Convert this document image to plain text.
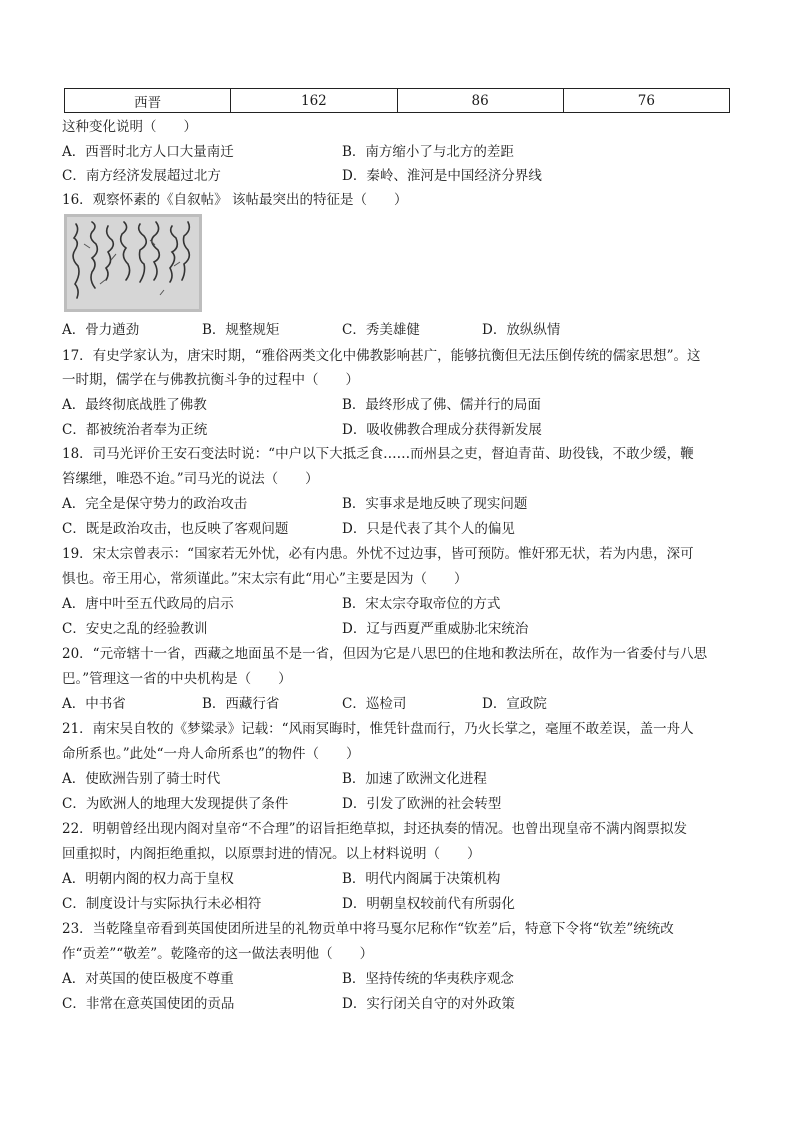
西晋	162	86	76
这种变化说明（　　）
A．西晋时北方人口大量南迁	B．南方缩小了与北方的差距
C．南方经济发展超过北方	D．秦岭、淮河是中国经济分界线
16．观察怀素的《自叙帖》 该帖最突出的特征是（　　）
A．骨力遒劲	B．规整规矩	C．秀美雄健	D．放纵纵情
17．有史学家认为，唐宋时期，“雅俗两类文化中佛教影响甚广，能够抗衡但无法压倒传统的儒家思想”。这
一时期，儒学在与佛教抗衡斗争的过程中（　　）
A．最终彻底战胜了佛教	B．最终形成了佛、儒并行的局面
C．都被统治者奉为正统	D．吸收佛教合理成分获得新发展
18．司马光评价王安石变法时说：“中户以下大抵乏食……而州县之吏，督迫青苗、助役钱，不敢少缓，鞭
笞缧绁，唯恐不迨。”司马光的说法（　　）
A．完全是保守势力的政治攻击	B．实事求是地反映了现实问题
C．既是政治攻击，也反映了客观问题	D．只是代表了其个人的偏见
19．宋太宗曾表示：“国家若无外忧，必有内患。外忧不过边事，皆可预防。惟奸邪无状，若为内患，深可
惧也。帝王用心，常须谨此。”宋太宗有此“用心”主要是因为（　　）
A．唐中叶至五代政局的启示	B．宋太宗夺取帝位的方式
C．安史之乱的经验教训	D．辽与西夏严重威胁北宋统治
20．“元帝辖十一省，西藏之地面虽不是一省，但因为它是八思巴的住地和教法所在，故作为一省委付与八思
巴。”管理这一省的中央机构是（　　）
A．中书省	B．西藏行省	C．巡检司	D．宣政院
21．南宋吴自牧的《梦粱录》记载：“风雨冥晦时，惟凭针盘而行，乃火长掌之，毫厘不敢差误，盖一舟人
命所系也。”此处“一舟人命所系也”的物件（　　）
A．使欧洲告别了骑士时代	B．加速了欧洲文化进程
C．为欧洲人的地理大发现提供了条件	D．引发了欧洲的社会转型
22．明朝曾经出现内阁对皇帝“不合理”的诏旨拒绝草拟，封还执奏的情况。也曾出现皇帝不满内阁票拟发
回重拟时，内阁拒绝重拟，以原票封进的情况。以上材料说明（　　）
A．明朝内阁的权力高于皇权	B．明代内阁属于决策机构
C．制度设计与实际执行未必相符	D．明朝皇权较前代有所弱化
23．当乾隆皇帝看到英国使团所进呈的礼物贡单中将马戛尔尼称作“钦差”后，特意下令将“钦差”统统改
作“贡差”“敬差”。乾隆帝的这一做法表明他（　　）
A．对英国的使臣极度不尊重	B．坚持传统的华夷秩序观念
C．非常在意英国使团的贡品	D．实行闭关自守的对外政策
